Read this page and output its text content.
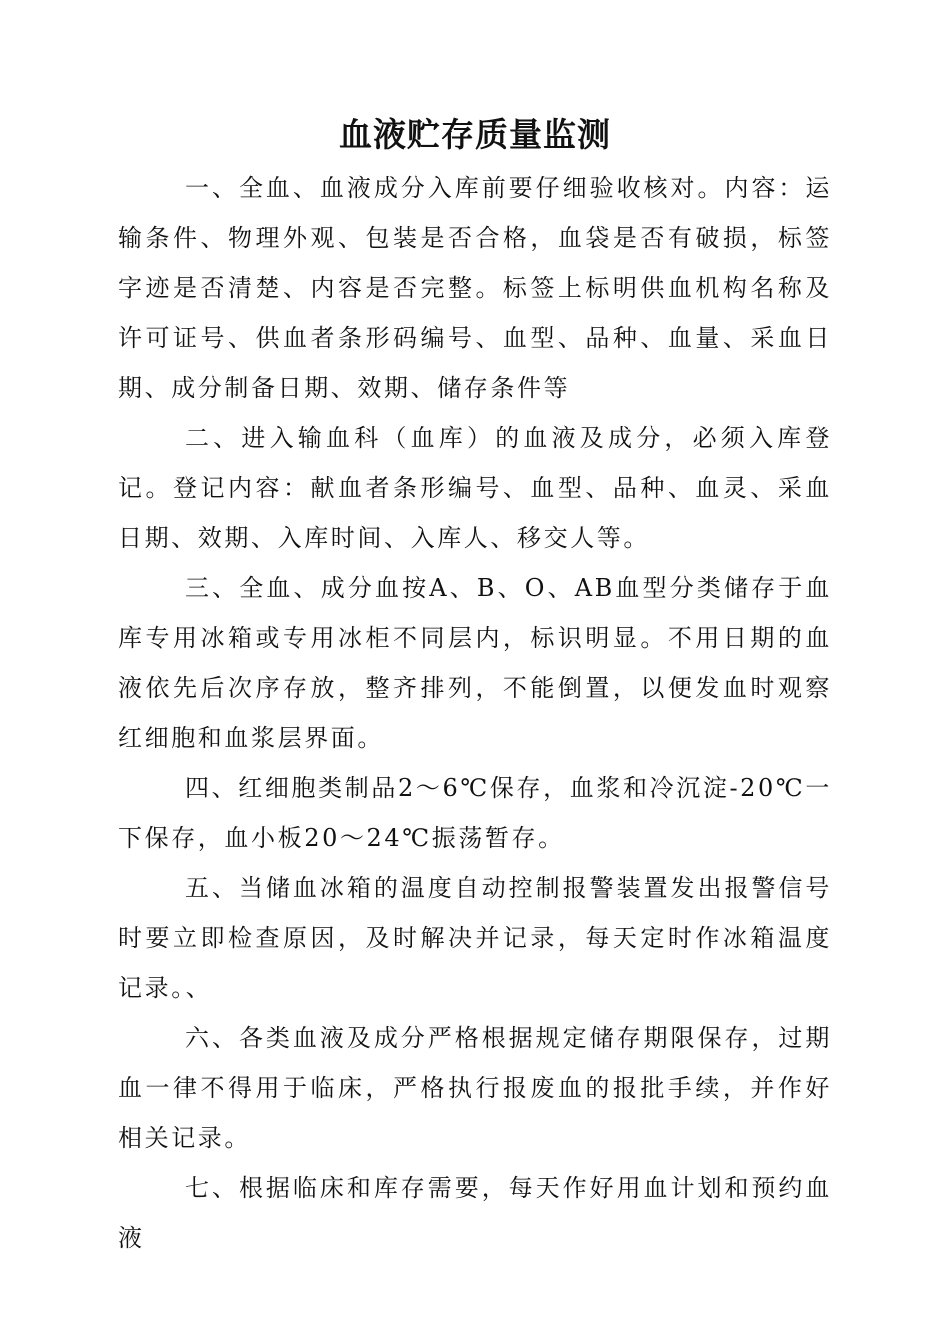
血液贮存质量监测

一、全血、血液成分入库前要仔细验收核对。内容：运输条件、物理外观、包装是否合格，血袋是否有破损，标签字迹是否清楚、内容是否完整。标签上标明供血机构名称及许可证号、供血者条形码编号、血型、品种、血量、采血日期、成分制备日期、效期、储存条件等

二、进入输血科（血库）的血液及成分，必须入库登记。登记内容：献血者条形编号、血型、品种、血灵、采血日期、效期、入库时间、入库人、移交人等。

三、全血、成分血按A、B、O、AB血型分类储存于血库专用冰箱或专用冰柜不同层内，标识明显。不用日期的血液依先后次序存放，整齐排列，不能倒置，以便发血时观察红细胞和血浆层界面。

四、红细胞类制品2～6℃保存，血浆和冷沉淀-20℃一下保存，血小板20～24℃振荡暂存。

五、当储血冰箱的温度自动控制报警装置发出报警信号时要立即检查原因，及时解决并记录，每天定时作冰箱温度记录。、

六、各类血液及成分严格根据规定储存期限保存，过期血一律不得用于临床，严格执行报废血的报批手续，并作好相关记录。

七、根据临床和库存需要，每天作好用血计划和预约血液
